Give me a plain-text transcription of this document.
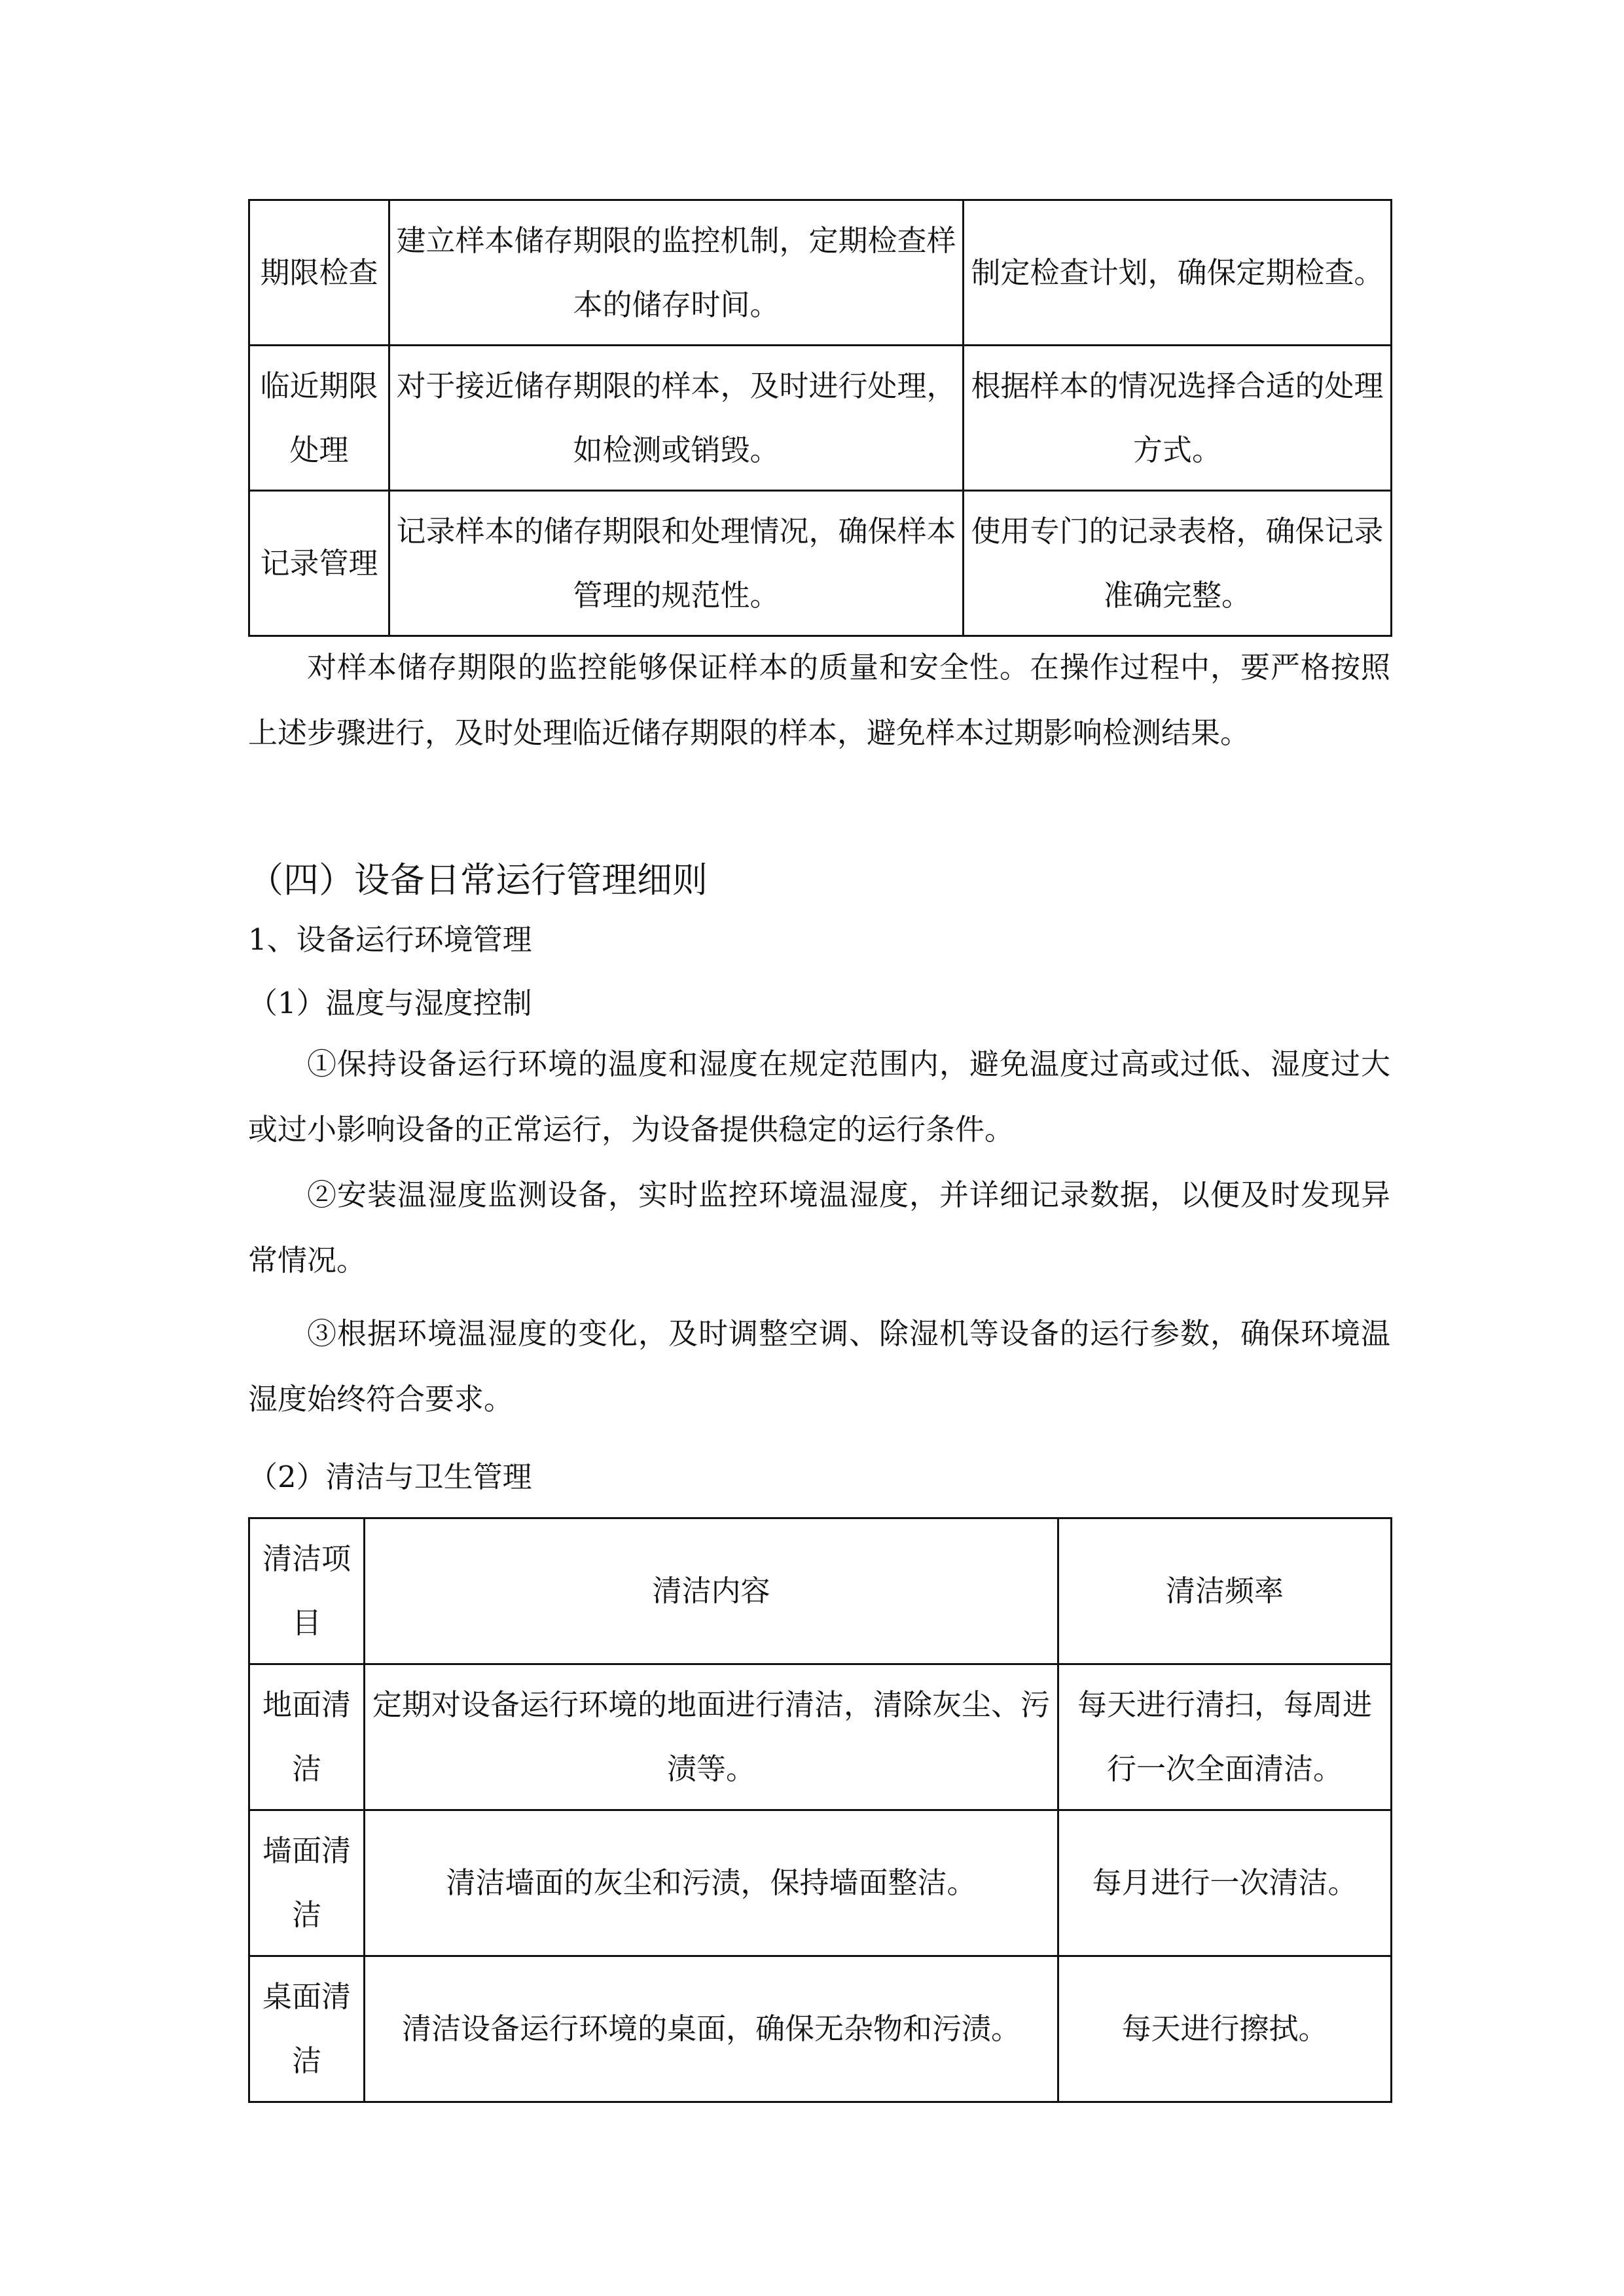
期限检查	建立样本储存期限的监控机制，定期检查样本的储存时间。	制定检查计划，确保定期检查。
临近期限处理	对于接近储存期限的样本，及时进行处理，如检测或销毁。	根据样本的情况选择合适的处理方式。
记录管理	记录样本的储存期限和处理情况，确保样本管理的规范性。	使用专门的记录表格，确保记录准确完整。
对样本储存期限的监控能够保证样本的质量和安全性。在操作过程中，要严格按照上述步骤进行，及时处理临近储存期限的样本，避免样本过期影响检测结果。
（四）设备日常运行管理细则
1、设备运行环境管理
（1）温度与湿度控制
①保持设备运行环境的温度和湿度在规定范围内，避免温度过高或过低、湿度过大或过小影响设备的正常运行，为设备提供稳定的运行条件。
②安装温湿度监测设备，实时监控环境温湿度，并详细记录数据，以便及时发现异常情况。
③根据环境温湿度的变化，及时调整空调、除湿机等设备的运行参数，确保环境温湿度始终符合要求。
（2）清洁与卫生管理
清洁项目	清洁内容	清洁频率
地面清洁	定期对设备运行环境的地面进行清洁，清除灰尘、污渍等。	每天进行清扫，每周进行一次全面清洁。
墙面清洁	清洁墙面的灰尘和污渍，保持墙面整洁。	每月进行一次清洁。
桌面清洁	清洁设备运行环境的桌面，确保无杂物和污渍。	每天进行擦拭。
